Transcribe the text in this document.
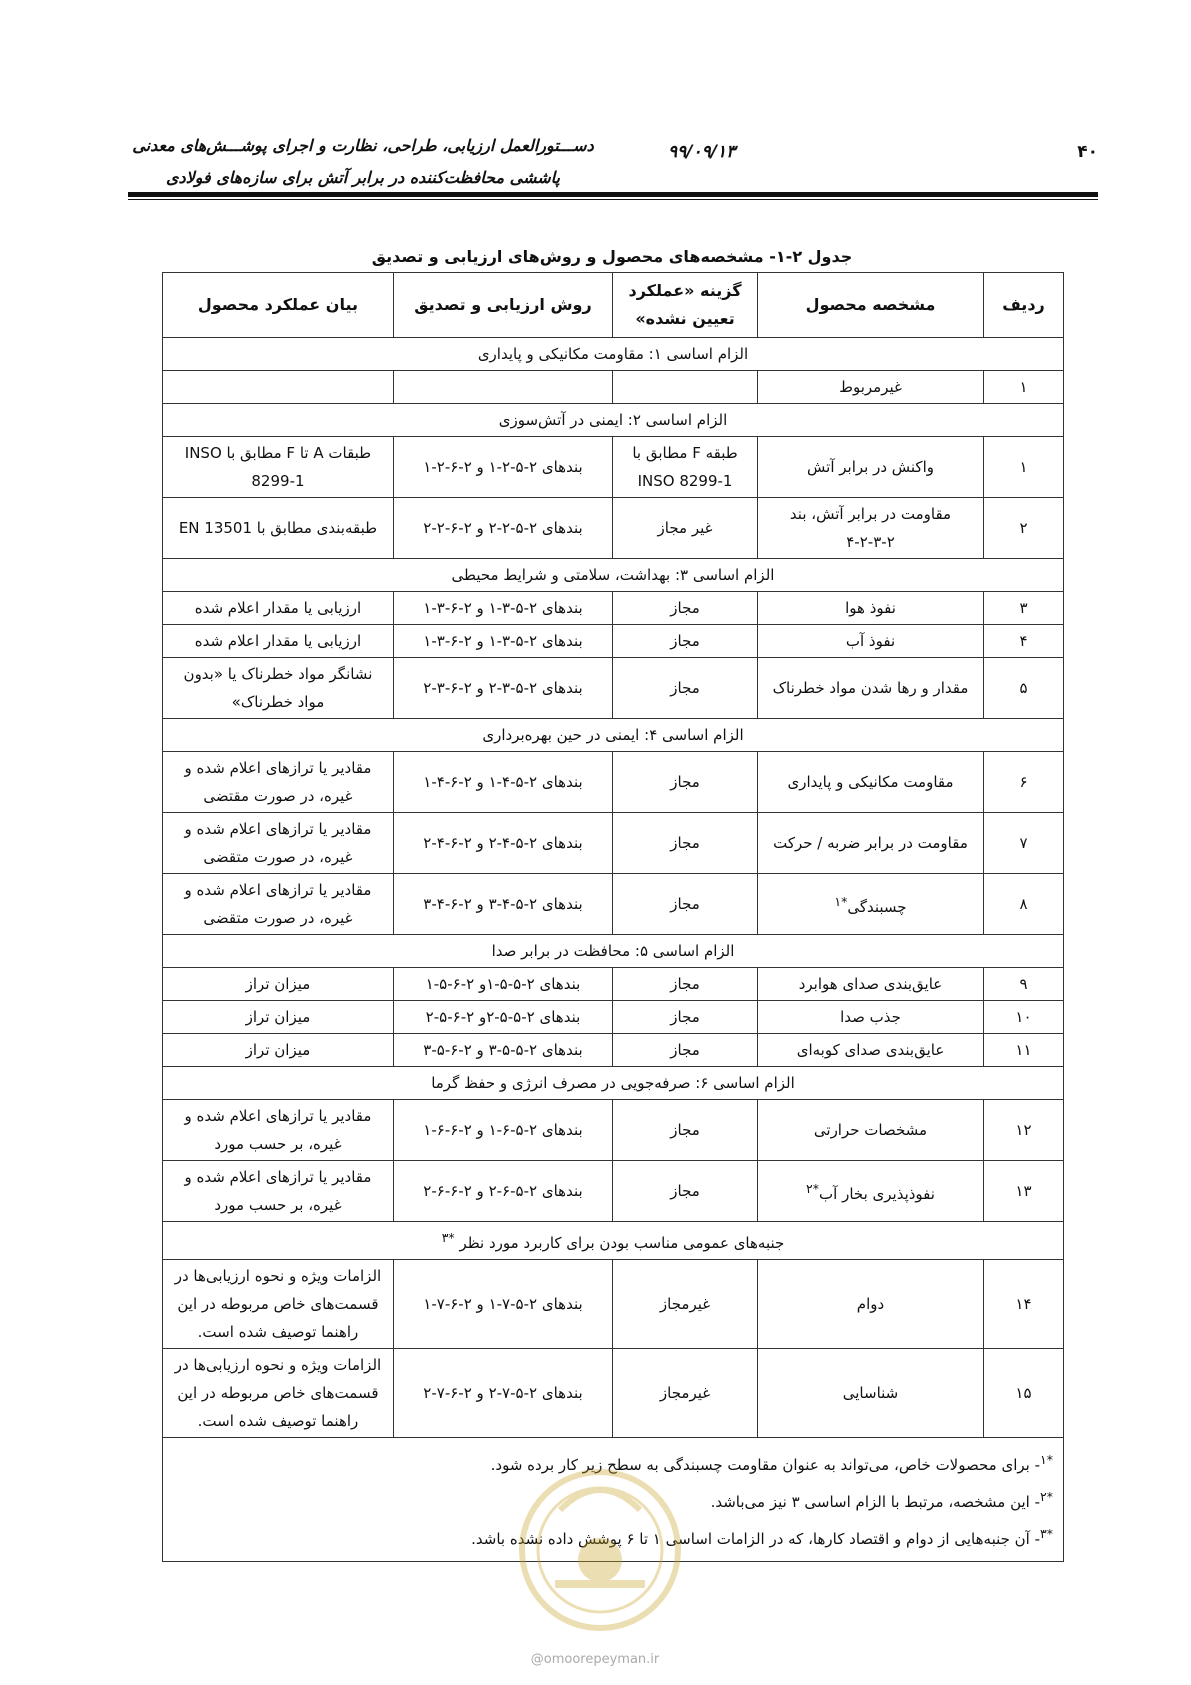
۴۰
۹۹/۰۹/۱۳
دســـتورالعمل ارزیابی، طراحی، نظارت و اجرای پوشـــش‌های معدنی
پاششی محافظت‌کننده در برابر آتش برای سازه‌های فولادی
جدول ۲-۱- مشخصه‌های محصول و روش‌های ارزیابی و تصدیق
ردیف	مشخصه محصول	گزینه «عملکرد تعیین نشده»	روش ارزیابی و تصدیق	بیان عملکرد محصول
الزام اساسی ۱: مقاومت مکانیکی و پایداری				
۱	غیرمربوط			
الزام اساسی ۲: ایمنی در آتش‌سوزی				
۱	واکنش در برابر آتش	طبقه F مطابق با INSO 8299-1	بندهای ۲-۵-۲-۱ و ۲-۶-۲-۱	طبقات A تا F مطابق با INSO 8299-1
۲	مقاومت در برابر آتش، بند ۲-۳-۲-۴	غیر مجاز	بندهای ۲-۵-۲-۲ و ۲-۶-۲-۲	طبقه‌بندی مطابق با EN 13501
الزام اساسی ۳: بهداشت، سلامتی و شرایط محیطی				
۳	نفوذ هوا	مجاز	بندهای ۲-۵-۳-۱ و ۲-۶-۳-۱	ارزیابی یا مقدار اعلام شده
۴	نفوذ آب	مجاز	بندهای ۲-۵-۳-۱ و ۲-۶-۳-۱	ارزیابی یا مقدار اعلام شده
۵	مقدار و رها شدن مواد خطرناک	مجاز	بندهای ۲-۵-۳-۲ و ۲-۶-۳-۲	نشانگر مواد خطرناک یا «بدون مواد خطرناک»
الزام اساسی ۴: ایمنی در حین بهره‌برداری				
۶	مقاومت مکانیکی و پایداری	مجاز	بندهای ۲-۵-۴-۱ و ۲-۶-۴-۱	مقادیر یا ترازهای اعلام شده و غیره، در صورت مقتضی
۷	مقاومت در برابر ضربه / حرکت	مجاز	بندهای ۲-۵-۴-۲ و ۲-۶-۴-۲	مقادیر یا ترازهای اعلام شده و غیره، در صورت متقضی
۸	چسبندگی$^{*۱}$	مجاز	بندهای ۲-۵-۴-۳ و ۲-۶-۴-۳	مقادیر یا ترازهای اعلام شده و غیره، در صورت متقضی
الزام اساسی ۵: محافظت در برابر صدا				
۹	عایق‌بندی صدای هوابرد	مجاز	بندهای ۲-۵-۵-۱و ۲-۶-۵-۱	میزان تراز
۱۰	جذب صدا	مجاز	بندهای ۲-۵-۵-۲و ۲-۶-۵-۲	میزان تراز
۱۱	عایق‌بندی صدای کوبه‌ای	مجاز	بندهای ۲-۵-۵-۳ و ۲-۶-۵-۳	میزان تراز
الزام اساسی ۶: صرفه‌جویی در مصرف انرژی و حفظ گرما				
۱۲	مشخصات حرارتی	مجاز	بندهای ۲-۵-۶-۱ و ۲-۶-۶-۱	مقادیر یا ترازهای اعلام شده و غیره، بر حسب مورد
۱۳	نفوذپذیری بخار آب$^{*۲}$	مجاز	بندهای ۲-۵-۶-۲ و ۲-۶-۶-۲	مقادیر یا ترازهای اعلام شده و غیره، بر حسب مورد
جنبه‌های عمومی مناسب بودن برای کاربرد مورد نظر $^{*۳}$
۱۴	دوام	غیرمجاز	بندهای ۲-۵-۷-۱ و ۲-۶-۷-۱	الزامات ویژه و نحوه ارزیابی‌ها در قسمت‌های خاص مربوطه در این راهنما توصیف شده است.
۱۵	شناسایی	غیرمجاز	بندهای ۲-۵-۷-۲ و ۲-۶-۷-۲	الزامات ویژه و نحوه ارزیابی‌ها در قسمت‌های خاص مربوطه در این راهنما توصیف شده است.

$^{*۱}$- برای محصولات خاص، می‌تواند به عنوان مقاومت چسبندگی به سطح زیر کار برده شود.
$^{*۲}$- این مشخصه، مرتبط با الزام اساسی ۳ نیز می‌باشد.
$^{*۳}$- آن جنبه‌هایی از دوام و اقتصاد کارها، که در الزامات اساسی ۱ تا ۶ پوشش داده نشده باشد.				
@omoorepeyman.ir
